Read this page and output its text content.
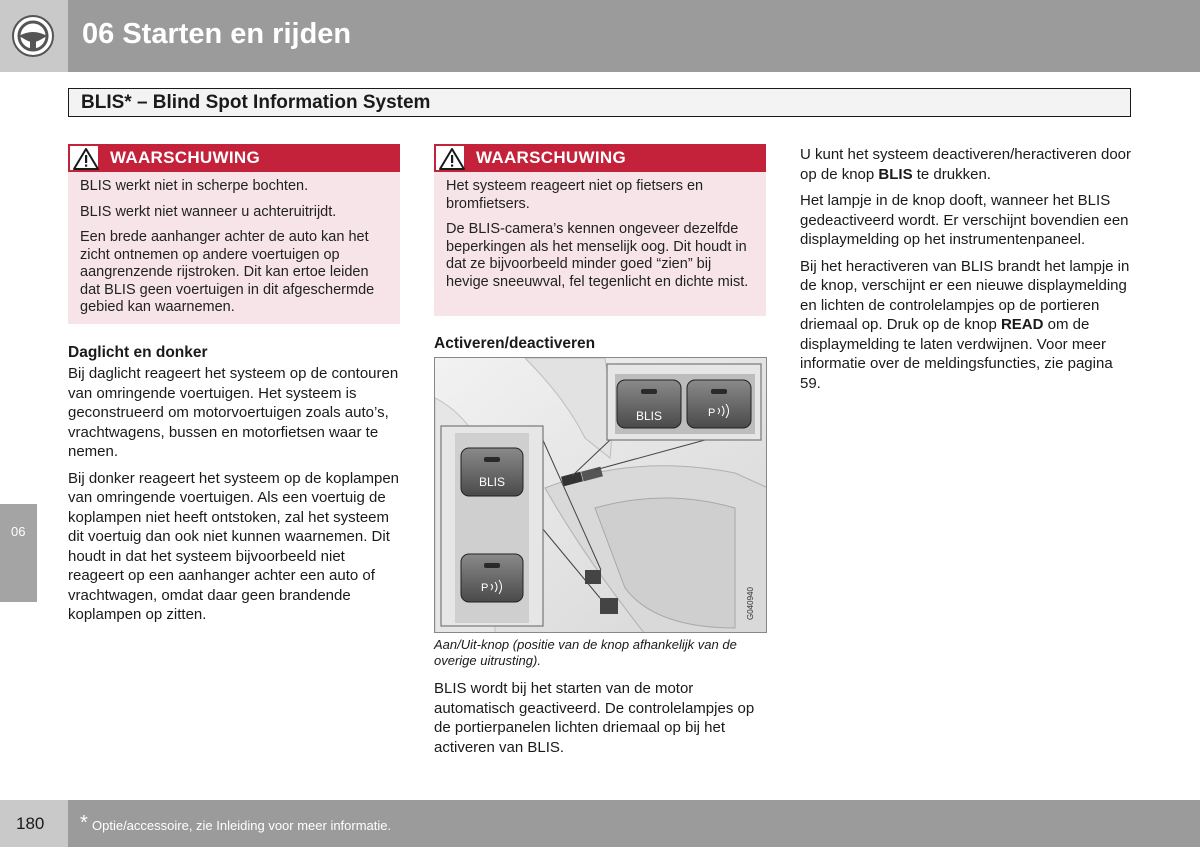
06 Starten en rijden
BLIS* – Blind Spot Information System
WAARSCHUWING

BLIS werkt niet in scherpe bochten.

BLIS werkt niet wanneer u achteruitrijdt.

Een brede aanhanger achter de auto kan het zicht ontnemen op andere voertuigen op aangrenzende rijstroken. Dit kan ertoe leiden dat BLIS geen voertuigen in dit afgeschermde gebied kan waarnemen.

Daglicht en donker

Bij daglicht reageert het systeem op de contouren van omringende voertuigen. Het systeem is geconstrueerd om motorvoertuigen zoals auto’s, vrachtwagens, bussen en motorfietsen waar te nemen.

Bij donker reageert het systeem op de koplampen van omringende voertuigen. Als een voertuig de koplampen niet heeft ontstoken, zal het systeem dit voertuig dan ook niet kunnen waarnemen. Dit houdt in dat het systeem bijvoorbeeld niet reageert op een aanhanger achter een auto of vrachtwagen, omdat daar geen brandende koplampen op zitten.

WAARSCHUWING

Het systeem reageert niet op fietsers en bromfietsers.

De BLIS-camera’s kennen ongeveer dezelfde beperkingen als het menselijk oog. Dit houdt in dat ze bijvoorbeeld minder goed “zien” bij hevige sneeuwval, fel tegenlicht en dichte mist.

Activeren/deactiveren
BLIS
BLIS
P
P	G040940
Aan/Uit-knop (positie van de knop afhankelijk van de overige uitrusting).

BLIS wordt bij het starten van de motor automatisch geactiveerd. De controlelampjes op de portierpanelen lichten driemaal op bij het activeren van BLIS.

U kunt het systeem deactiveren/heractiveren door op de knop BLIS te drukken.

Het lampje in de knop dooft, wanneer het BLIS gedeactiveerd wordt. Er verschijnt bovendien een displaymelding op het instrumentenpaneel.

Bij het heractiveren van BLIS brandt het lampje in de knop, verschijnt er een nieuwe displaymelding en lichten de controlelampjes op de portieren driemaal op. Druk op de knop READ om de displaymelding te laten verdwijnen. Voor meer informatie over de meldingsfuncties, zie pagina 59.

06
180 * Optie/accessoire, zie Inleiding voor meer informatie.
